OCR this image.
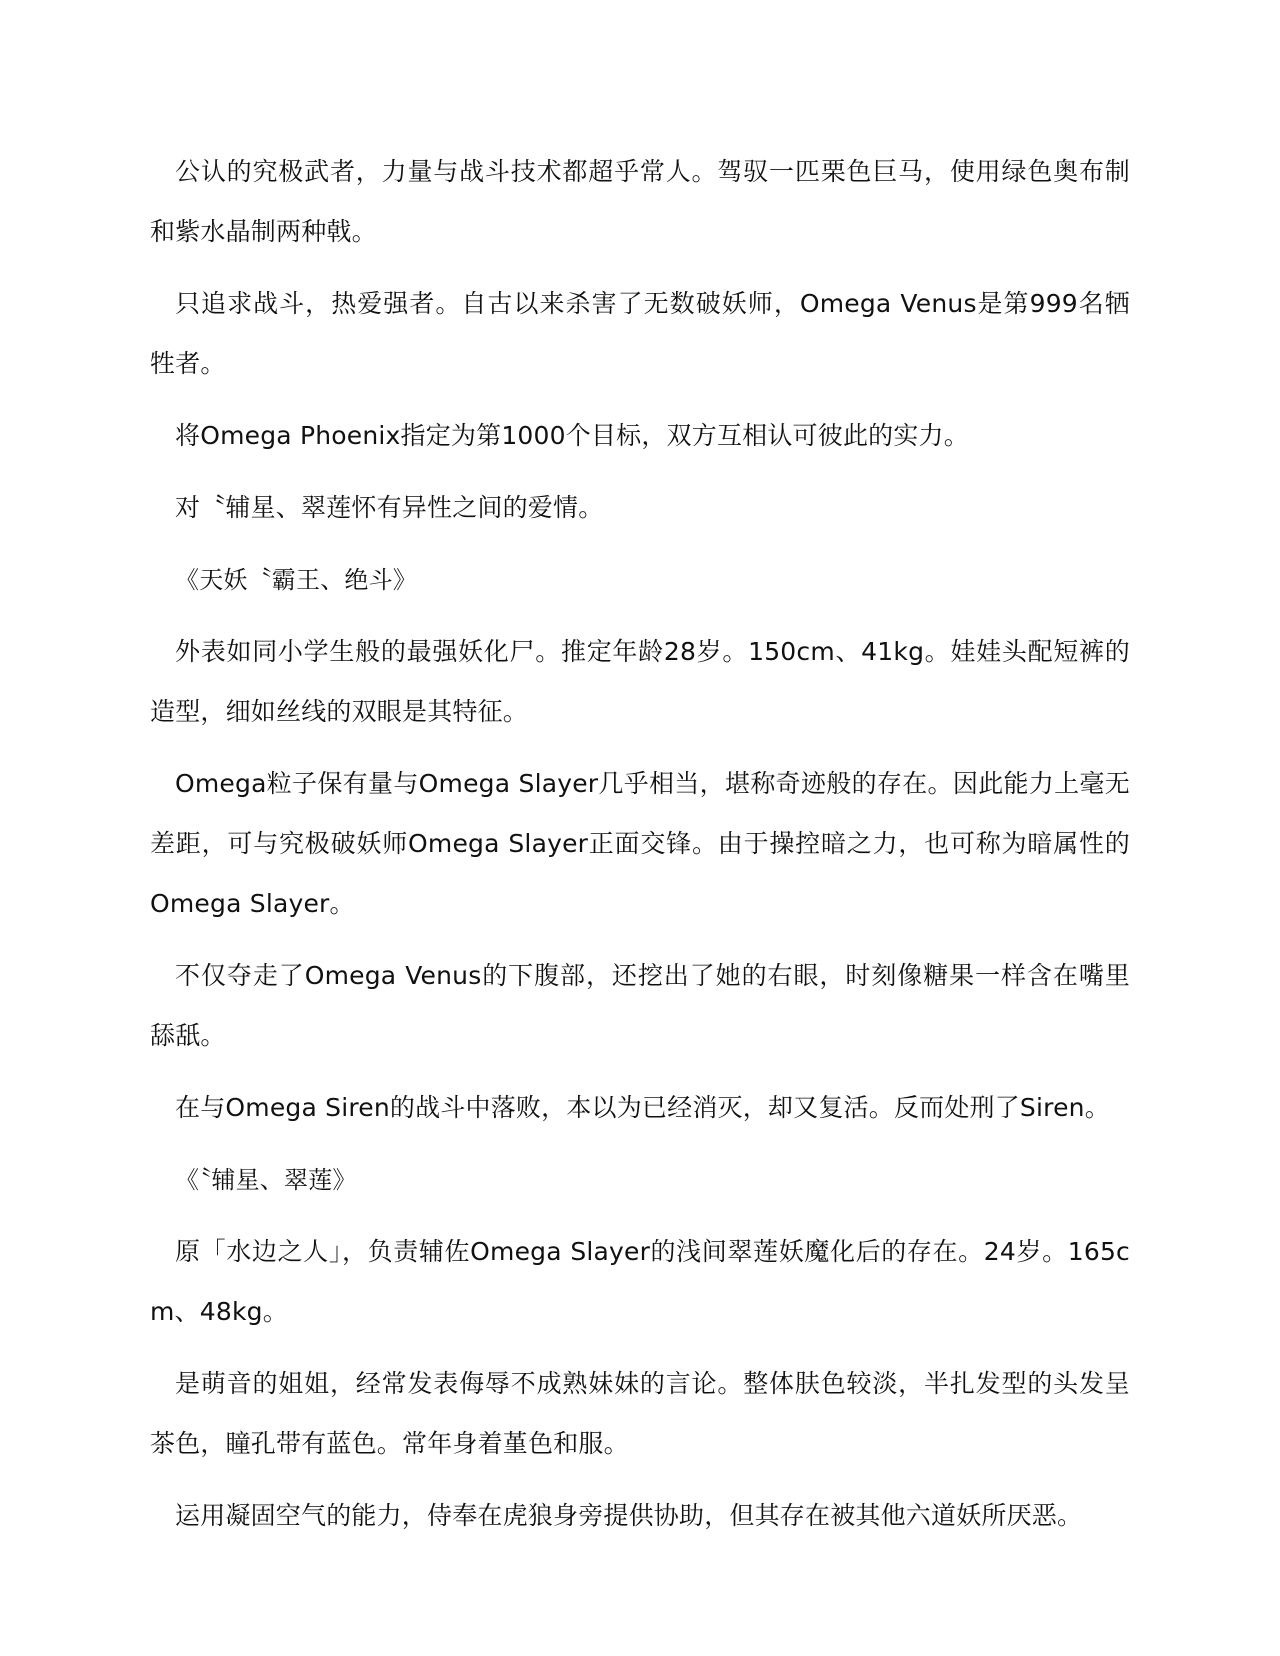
公认的究极武者，力量与战斗技术都超乎常人。驾驭一匹栗色巨马，使用绿色奥布制和紫水晶制两种戟。

只追求战斗，热爱强者。自古以来杀害了无数破妖师，Omega Venus是第999名牺牲者。

将Omega Phoenix指定为第1000个目标，双方互相认可彼此的实力。

对〝辅星、翠莲怀有异性之间的爱情。

《天妖〝霸王、绝斗》

外表如同小学生般的最强妖化尸。推定年龄28岁。150cm、41kg。娃娃头配短裤的造型，细如丝线的双眼是其特征。

Omega粒子保有量与Omega Slayer几乎相当，堪称奇迹般的存在。因此能力上毫无差距，可与究极破妖师Omega Slayer正面交锋。由于操控暗之力，也可称为暗属性的Omega Slayer。

不仅夺走了Omega Venus的下腹部，还挖出了她的右眼，时刻像糖果一样含在嘴里舔舐。

在与Omega Siren的战斗中落败，本以为已经消灭，却又复活。反而处刑了Siren。

《〝辅星、翠莲》

原「水边之人」，负责辅佐Omega Slayer的浅间翠莲妖魔化后的存在。24岁。165cm、48kg。

是萌音的姐姐，经常发表侮辱不成熟妹妹的言论。整体肤色较淡，半扎发型的头发呈茶色，瞳孔带有蓝色。常年身着堇色和服。

运用凝固空气的能力，侍奉在虎狼身旁提供协助，但其存在被其他六道妖所厌恶。
